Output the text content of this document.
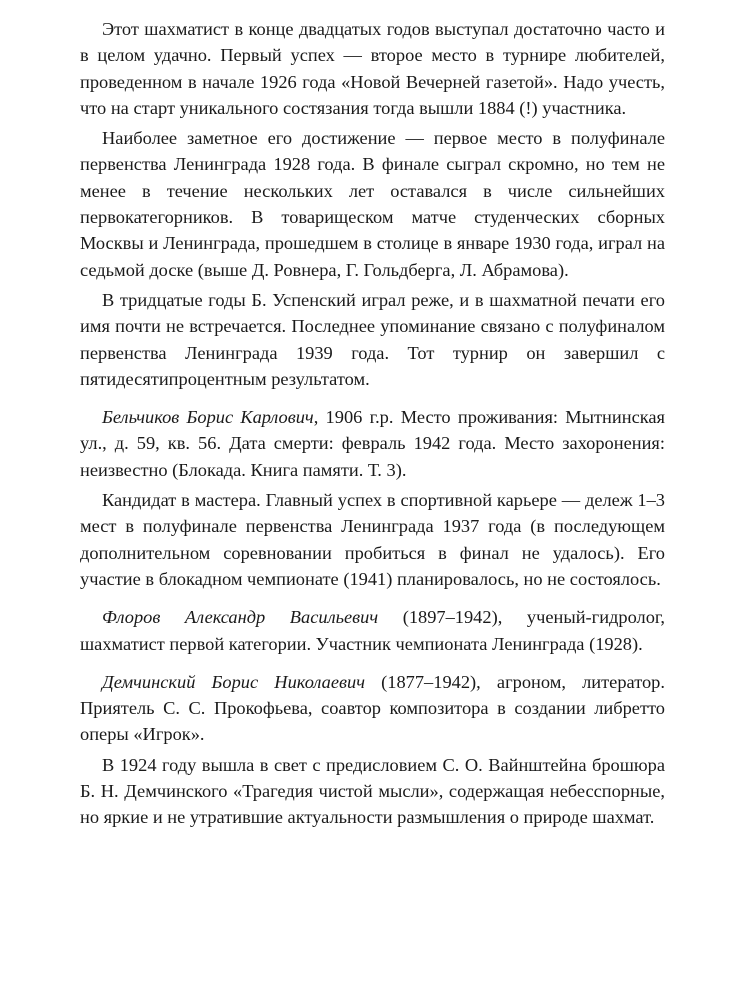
Этот шахматист в конце двадцатых годов выступал достаточно часто и в целом удачно. Первый успех — второе место в турнире любителей, проведенном в начале 1926 года «Новой Вечерней газетой». Надо учесть, что на старт уникального состязания тогда вышли 1884 (!) участника.

Наиболее заметное его достижение — первое место в полуфинале первенства Ленинграда 1928 года. В финале сыграл скромно, но тем не менее в течение нескольких лет оставался в числе сильнейших первокатегорников. В товарищеском матче студенческих сборных Москвы и Ленинграда, прошедшем в столице в январе 1930 года, играл на седьмой доске (выше Д. Ровнера, Г. Гольдберга, Л. Абрамова).

В тридцатые годы Б. Успенский играл реже, и в шахматной печати его имя почти не встречается. Последнее упоминание связано с полуфиналом первенства Ленинграда 1939 года. Тот турнир он завершил с пятидесятипроцентным результатом.

Бельчиков Борис Карлович, 1906 г.р. Место проживания: Мытнинская ул., д. 59, кв. 56. Дата смерти: февраль 1942 года. Место захоронения: неизвестно (Блокада. Книга памяти. Т. 3).

Кандидат в мастера. Главный успех в спортивной карьере — дележ 1–3 мест в полуфинале первенства Ленинграда 1937 года (в последующем дополнительном соревновании пробиться в финал не удалось). Его участие в блокадном чемпионате (1941) планировалось, но не состоялось.

Флоров Александр Васильевич (1897–1942), ученый-гидролог, шахматист первой категории. Участник чемпионата Ленинграда (1928).

Демчинский Борис Николаевич (1877–1942), агроном, литератор. Приятель С. С. Прокофьева, соавтор композитора в создании либретто оперы «Игрок».

В 1924 году вышла в свет с предисловием С. О. Вайнштейна брошюра Б. Н. Демчинского «Трагедия чистой мысли», содержащая небесспорные, но яркие и не утратившие актуальности размышления о природе шахмат.
